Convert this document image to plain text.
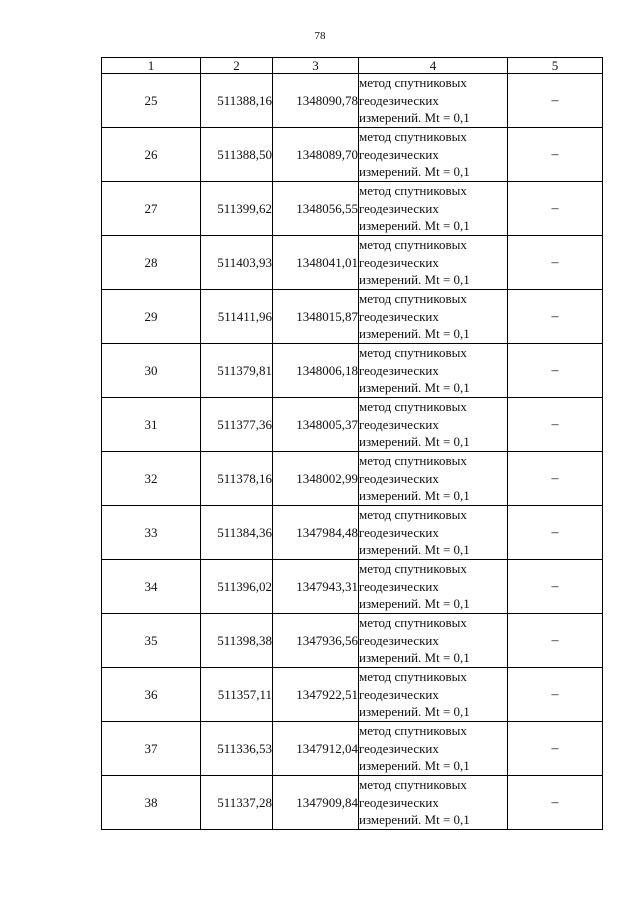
78
1	2	3	4	5
25	511388,16	1348090,78	метод спутниковых
геодезических
измерений. Mt = 0,1	–
26	511388,50	1348089,70	метод спутниковых
геодезических
измерений. Mt = 0,1	–
27	511399,62	1348056,55	метод спутниковых
геодезических
измерений. Mt = 0,1	–
28	511403,93	1348041,01	метод спутниковых
геодезических
измерений. Mt = 0,1	–
29	511411,96	1348015,87	метод спутниковых
геодезических
измерений. Mt = 0,1	–
30	511379,81	1348006,18	метод спутниковых
геодезических
измерений. Mt = 0,1	–
31	511377,36	1348005,37	метод спутниковых
геодезических
измерений. Mt = 0,1	–
32	511378,16	1348002,99	метод спутниковых
геодезических
измерений. Mt = 0,1	–
33	511384,36	1347984,48	метод спутниковых
геодезических
измерений. Mt = 0,1	–
34	511396,02	1347943,31	метод спутниковых
геодезических
измерений. Mt = 0,1	–
35	511398,38	1347936,56	метод спутниковых
геодезических
измерений. Mt = 0,1	–
36	511357,11	1347922,51	метод спутниковых
геодезических
измерений. Mt = 0,1	–
37	511336,53	1347912,04	метод спутниковых
геодезических
измерений. Mt = 0,1	–
38	511337,28	1347909,84	метод спутниковых
геодезических
измерений. Mt = 0,1	–
